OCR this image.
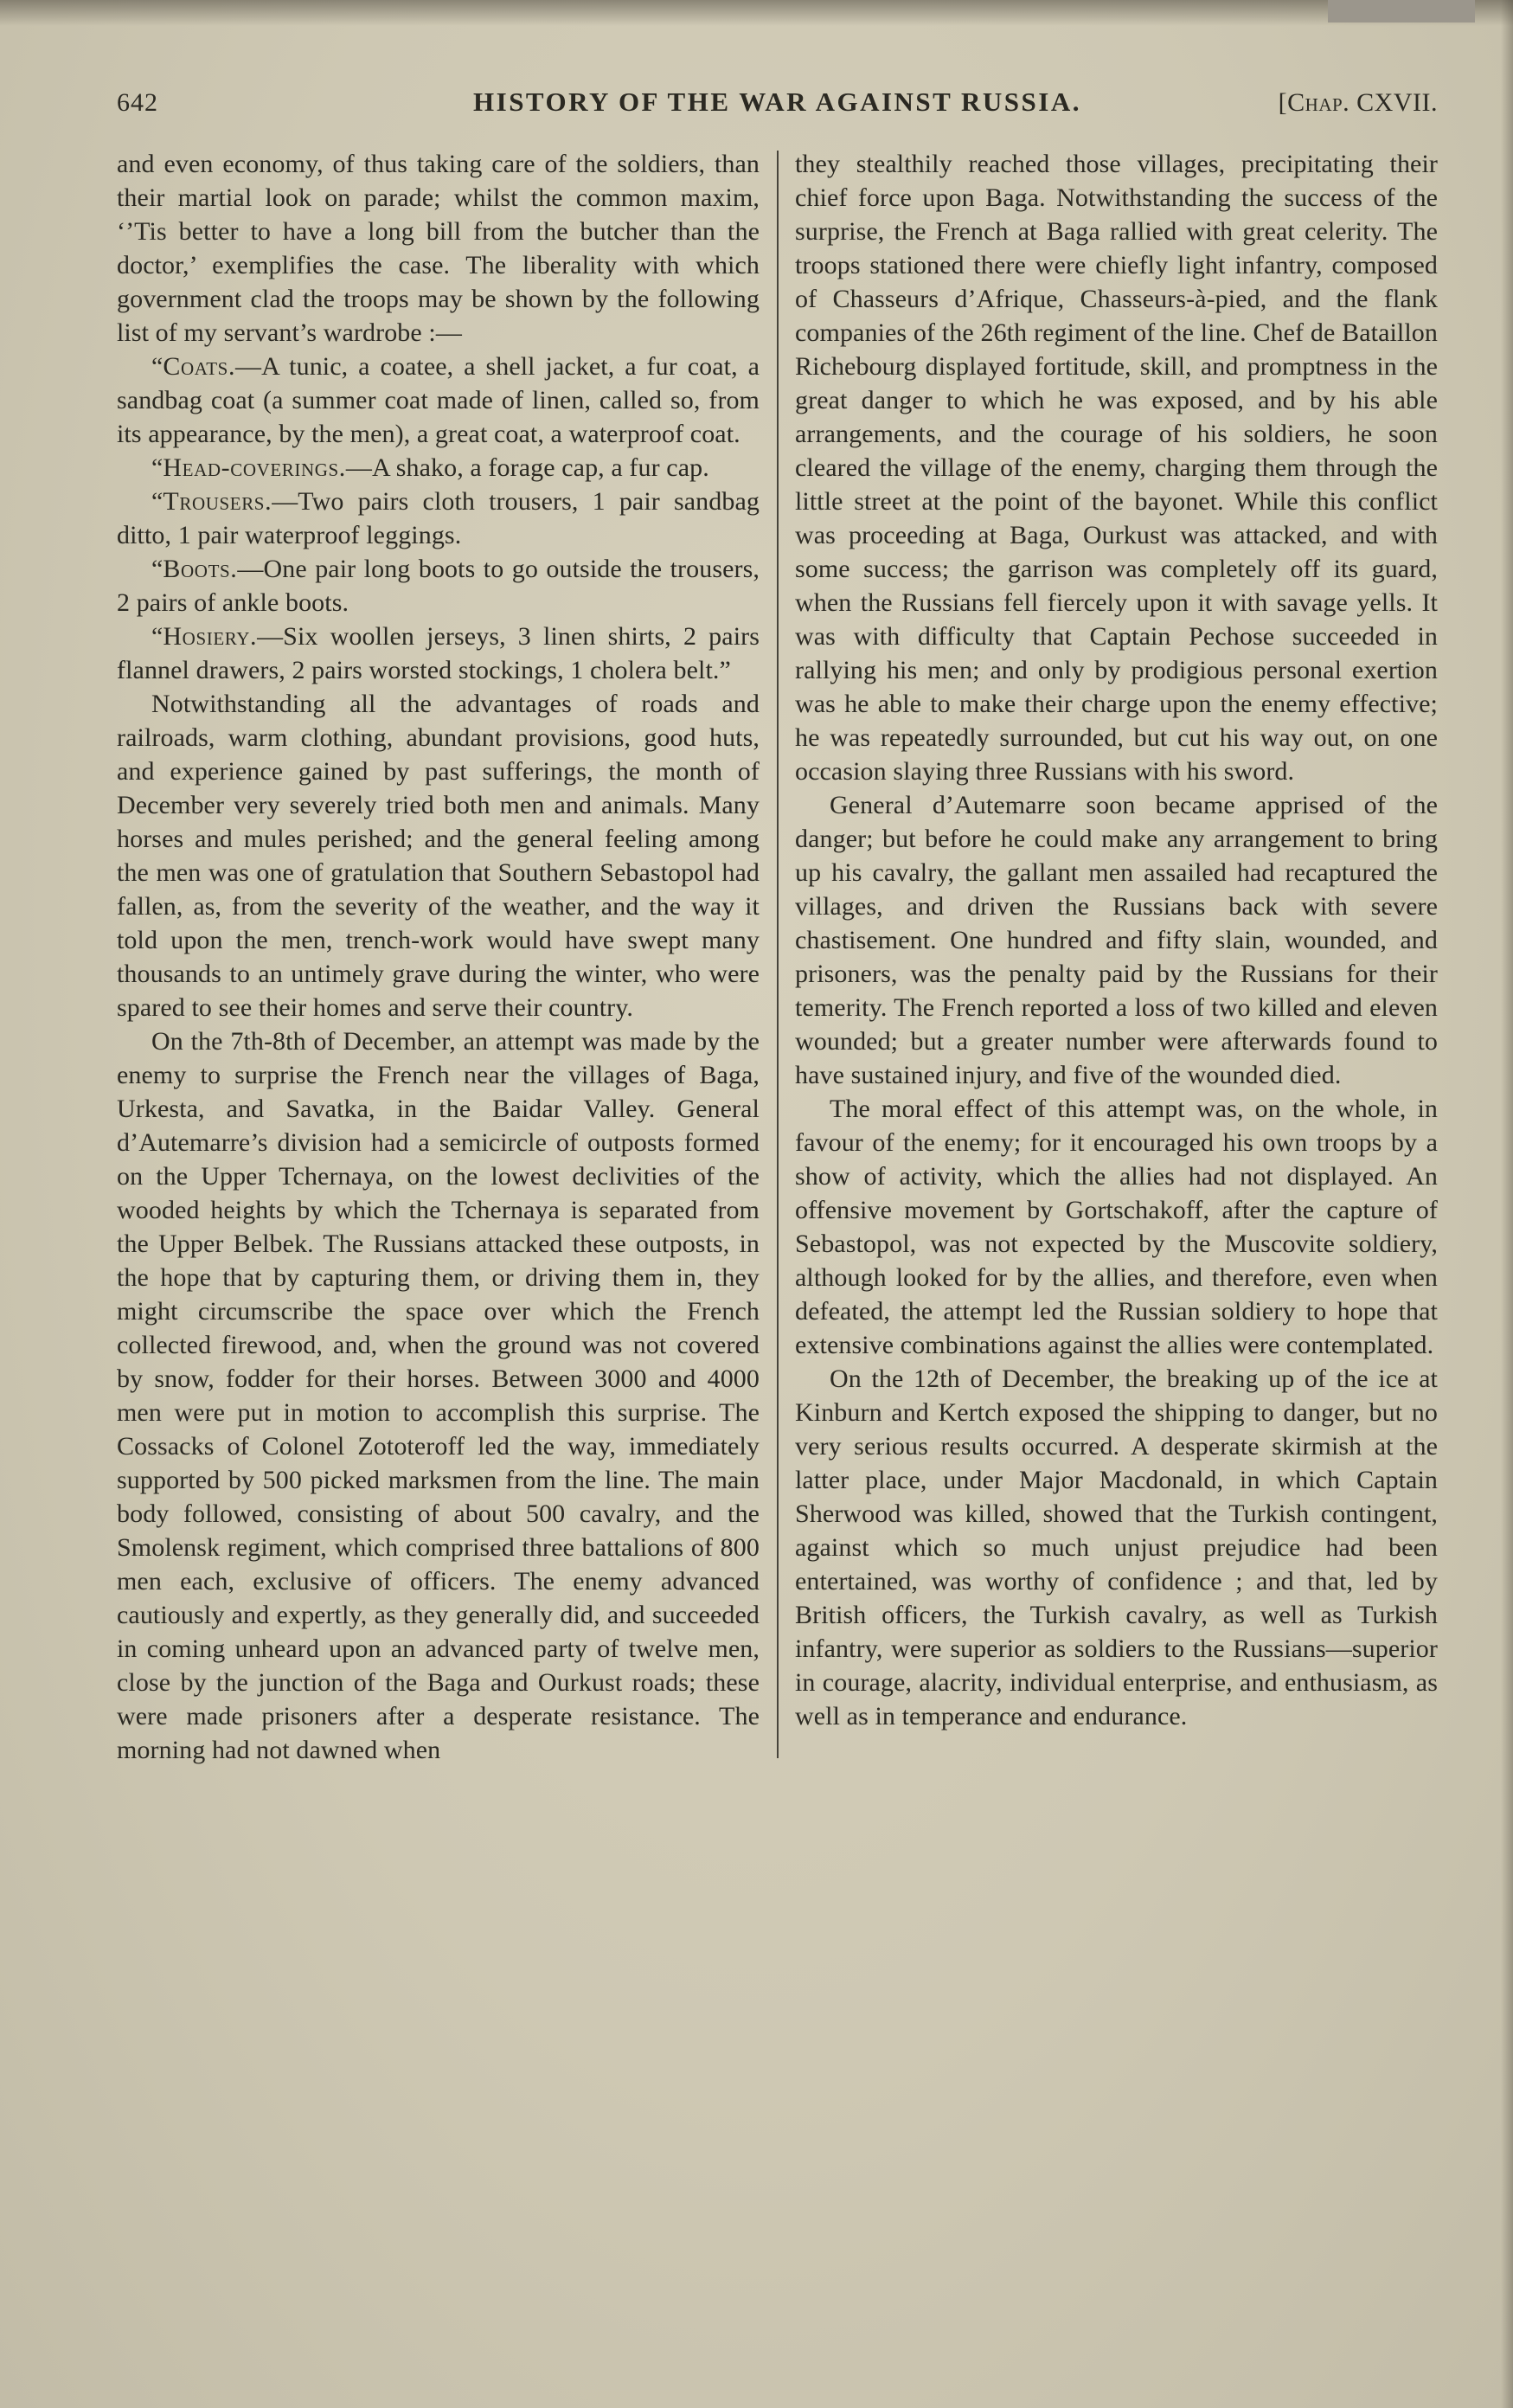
642	HISTORY OF THE WAR AGAINST RUSSIA.	[Chap. CXVII.

and even economy, of thus taking care of the soldiers, than their martial look on parade; whilst the common maxim, ‘’Tis better to have a long bill from the butcher than the doctor,’ exemplifies the case. The liberality with which government clad the troops may be shown by the following list of my servant’s wardrobe :—

“Coats.—A tunic, a coatee, a shell jacket, a fur coat, a sandbag coat (a summer coat made of linen, called so, from its appearance, by the men), a great coat, a waterproof coat.

“Head-coverings.—A shako, a forage cap, a fur cap.

“Trousers.—Two pairs cloth trousers, 1 pair sandbag ditto, 1 pair waterproof leggings.

“Boots.—One pair long boots to go outside the trousers, 2 pairs of ankle boots.

“Hosiery.—Six woollen jerseys, 3 linen shirts, 2 pairs flannel drawers, 2 pairs worsted stockings, 1 cholera belt.”

Notwithstanding all the advantages of roads and railroads, warm clothing, abundant provisions, good huts, and experience gained by past sufferings, the month of December very severely tried both men and animals. Many horses and mules perished; and the general feeling among the men was one of gratulation that Southern Sebastopol had fallen, as, from the severity of the weather, and the way it told upon the men, trench-work would have swept many thousands to an untimely grave during the winter, who were spared to see their homes and serve their country.

On the 7th-8th of December, an attempt was made by the enemy to surprise the French near the villages of Baga, Urkesta, and Savatka, in the Baidar Valley. General d’Autemarre’s division had a semicircle of outposts formed on the Upper Tchernaya, on the lowest declivities of the wooded heights by which the Tchernaya is separated from the Upper Belbek. The Russians attacked these outposts, in the hope that by capturing them, or driving them in, they might circumscribe the space over which the French collected firewood, and, when the ground was not covered by snow, fodder for their horses. Between 3000 and 4000 men were put in motion to accomplish this surprise. The Cossacks of Colonel Zototeroff led the way, immediately supported by 500 picked marksmen from the line. The main body followed, consisting of about 500 cavalry, and the Smolensk regiment, which comprised three battalions of 800 men each, exclusive of officers. The enemy advanced cautiously and expertly, as they generally did, and succeeded in coming unheard upon an advanced party of twelve men, close by the junction of the Baga and Ourkust roads; these were made prisoners after a desperate resistance. The morning had not dawned when

they stealthily reached those villages, precipitating their chief force upon Baga. Notwithstanding the success of the surprise, the French at Baga rallied with great celerity. The troops stationed there were chiefly light infantry, composed of Chasseurs d’Afrique, Chasseurs-à-pied, and the flank companies of the 26th regiment of the line. Chef de Bataillon Richebourg displayed fortitude, skill, and promptness in the great danger to which he was exposed, and by his able arrangements, and the courage of his soldiers, he soon cleared the village of the enemy, charging them through the little street at the point of the bayonet. While this conflict was proceeding at Baga, Ourkust was attacked, and with some success; the garrison was completely off its guard, when the Russians fell fiercely upon it with savage yells. It was with difficulty that Captain Pechose succeeded in rallying his men; and only by prodigious personal exertion was he able to make their charge upon the enemy effective; he was repeatedly surrounded, but cut his way out, on one occasion slaying three Russians with his sword.

General d’Autemarre soon became apprised of the danger; but before he could make any arrangement to bring up his cavalry, the gallant men assailed had recaptured the villages, and driven the Russians back with severe chastisement. One hundred and fifty slain, wounded, and prisoners, was the penalty paid by the Russians for their temerity. The French reported a loss of two killed and eleven wounded; but a greater number were afterwards found to have sustained injury, and five of the wounded died.

The moral effect of this attempt was, on the whole, in favour of the enemy; for it encouraged his own troops by a show of activity, which the allies had not displayed. An offensive movement by Gortschakoff, after the capture of Sebastopol, was not expected by the Muscovite soldiery, although looked for by the allies, and therefore, even when defeated, the attempt led the Russian soldiery to hope that extensive combinations against the allies were contemplated.

On the 12th of December, the breaking up of the ice at Kinburn and Kertch exposed the shipping to danger, but no very serious results occurred. A desperate skirmish at the latter place, under Major Macdonald, in which Captain Sherwood was killed, showed that the Turkish contingent, against which so much unjust prejudice had been entertained, was worthy of confidence ; and that, led by British officers, the Turkish cavalry, as well as Turkish infantry, were superior as soldiers to the Russians—superior in courage, alacrity, individual enterprise, and enthusiasm, as well as in temperance and endurance.
